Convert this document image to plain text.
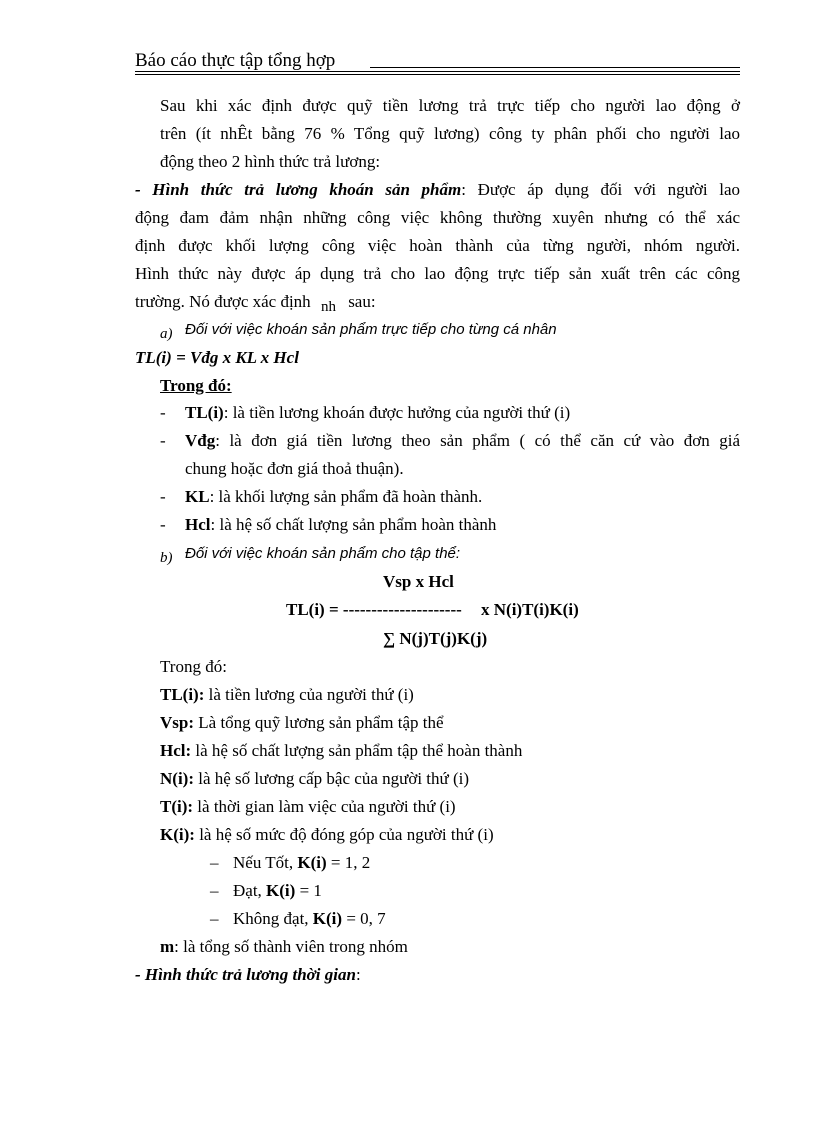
Báo cáo thực tập tổng hợp
Sau khi xác định được quỹ tiền lương trả trực tiếp cho người lao động ở
trên (ít nhÊt bằng 76 % Tổng quỹ lương) công ty phân phối cho người lao
động theo 2 hình thức trả lương:
- Hình thức trả lương khoán sản phẩm: Được áp dụng đối với người lao
động đam đảm nhận những công việc không thường xuyên nhưng có thể xác
định được khối lượng công việc hoàn thành của từng người, nhóm người.
Hình thức này được áp dụng trả cho lao động trực tiếp sản xuất trên các công
trường. Nó được xác định nh sau:
a) Đối với việc khoán sản phẩm trực tiếp cho từng cá nhân
TL(i) = Vđg x KL x Hcl
Trong đó:
- TL(i): là tiền lương khoán được hưởng của người thứ (i)
- Vđg: là đơn giá tiền lương theo sản phẩm ( có thể căn cứ vào đơn giá
chung hoặc đơn giá thoả thuận).
- KL: là khối lượng sản phẩm đã hoàn thành.
- Hcl: là hệ số chất lượng sản phẩm hoàn thành
b) Đối với việc khoán sản phẩm cho tập thể:
Vsp x Hcl
TL(i) = --------------------- x N(i)T(i)K(i)
∑ N(j)T(j)K(j)
Trong đó:
TL(i): là tiền lương của người thứ (i)
Vsp: Là tổng quỹ lương sản phẩm tập thể
Hcl: là hệ số chất lượng sản phẩm tập thể hoàn thành
N(i): là hệ số lương cấp bậc của người thứ (i)
T(i): là thời gian làm việc của người thứ (i)
K(i): là hệ số mức độ đóng góp của người thứ (i)
– Nếu Tốt, K(i) = 1, 2
– Đạt, K(i) = 1
– Không đạt, K(i) = 0, 7
m: là tổng số thành viên trong nhóm
- Hình thức trả lương thời gian:
